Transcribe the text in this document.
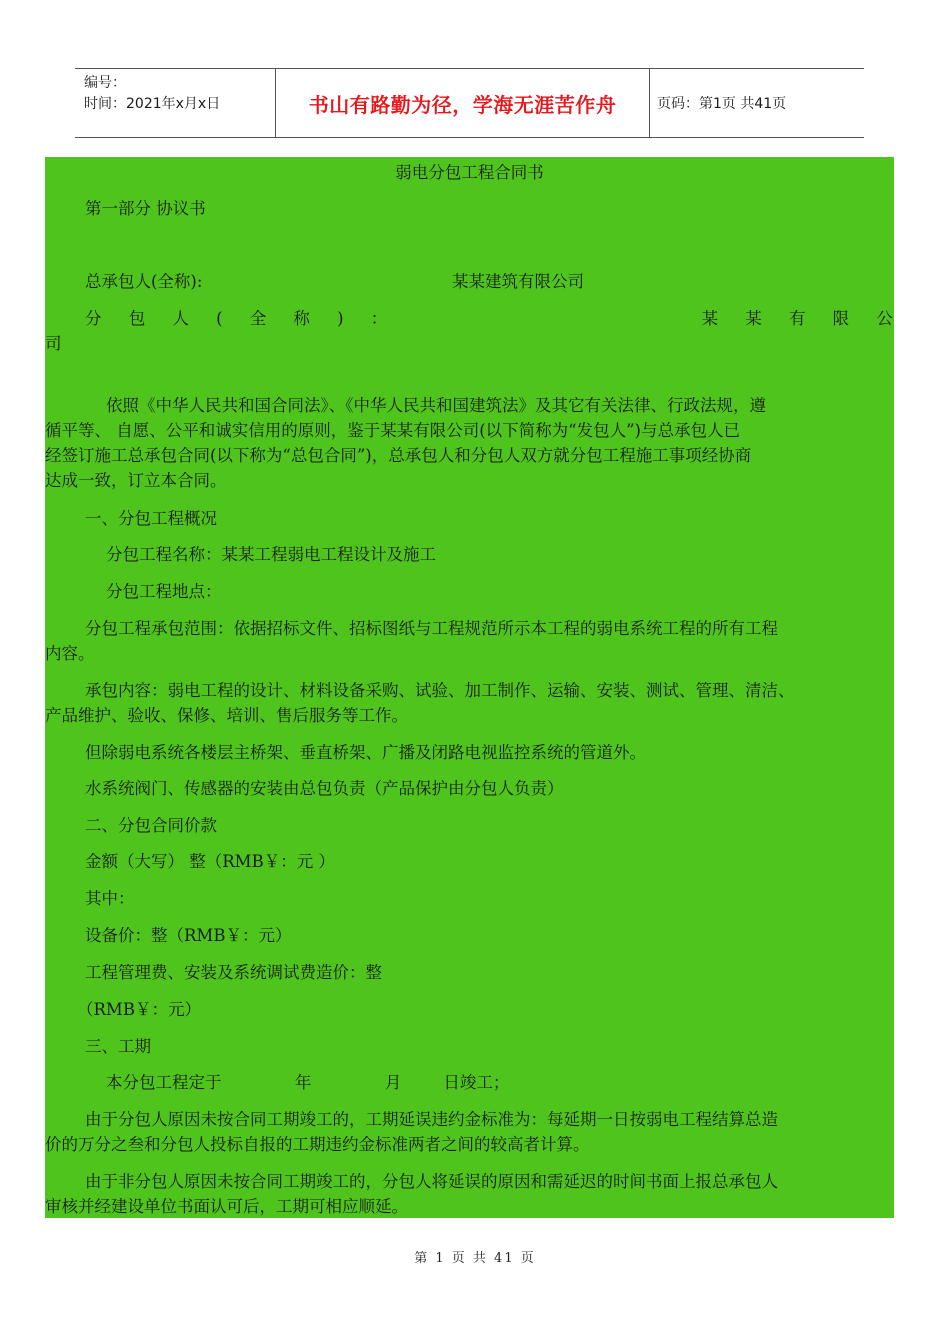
编号：
时间：2021年x月x日	书山有路勤为径，学海无涯苦作舟	页码：第1页 共41页

弱电分包工程合同书

第一部分 协议书

总承包人(全称):	某某建筑有限公司

分 包 人 ( 全 称 ) ：	某 某 有 限 公

司

依照《中华人民共和国合同法》、《中华人民共和国建筑法》及其它有关法律、行政法规，遵

循平等、 自愿、公平和诚实信用的原则，鉴于某某有限公司(以下简称为“发包人”)与总承包人已

经签订施工总承包合同(以下称为“总包合同”)，总承包人和分包人双方就分包工程施工事项经协商

达成一致，订立本合同。

一、分包工程概况

分包工程名称：某某工程弱电工程设计及施工

分包工程地点：

分包工程承包范围：依据招标文件、招标图纸与工程规范所示本工程的弱电系统工程的所有工程

内容。

承包内容：弱电工程的设计、材料设备采购、试验、加工制作、运输、安装、测试、管理、清洁、

产品维护、验收、保修、培训、售后服务等工作。

但除弱电系统各楼层主桥架、垂直桥架、广播及闭路电视监控系统的管道外。

水系统阀门、传感器的安装由总包负责（产品保护由分包人负责）

二、分包合同价款

金额（大写） 整（RMB￥：元 ）

其中：

设备价：整（RMB￥：元）

工程管理费、安装及系统调试费造价：整

（RMB￥：元）

三、工期

本分包工程定于              年              月        日竣工；

由于分包人原因未按合同工期竣工的，工期延误违约金标准为：每延期一日按弱电工程结算总造

价的万分之叁和分包人投标自报的工期违约金标准两者之间的较高者计算。

由于非分包人原因未按合同工期竣工的，分包人将延误的原因和需延迟的时间书面上报总承包人

审核并经建设单位书面认可后，工期可相应顺延。

第 1 页 共 41 页
